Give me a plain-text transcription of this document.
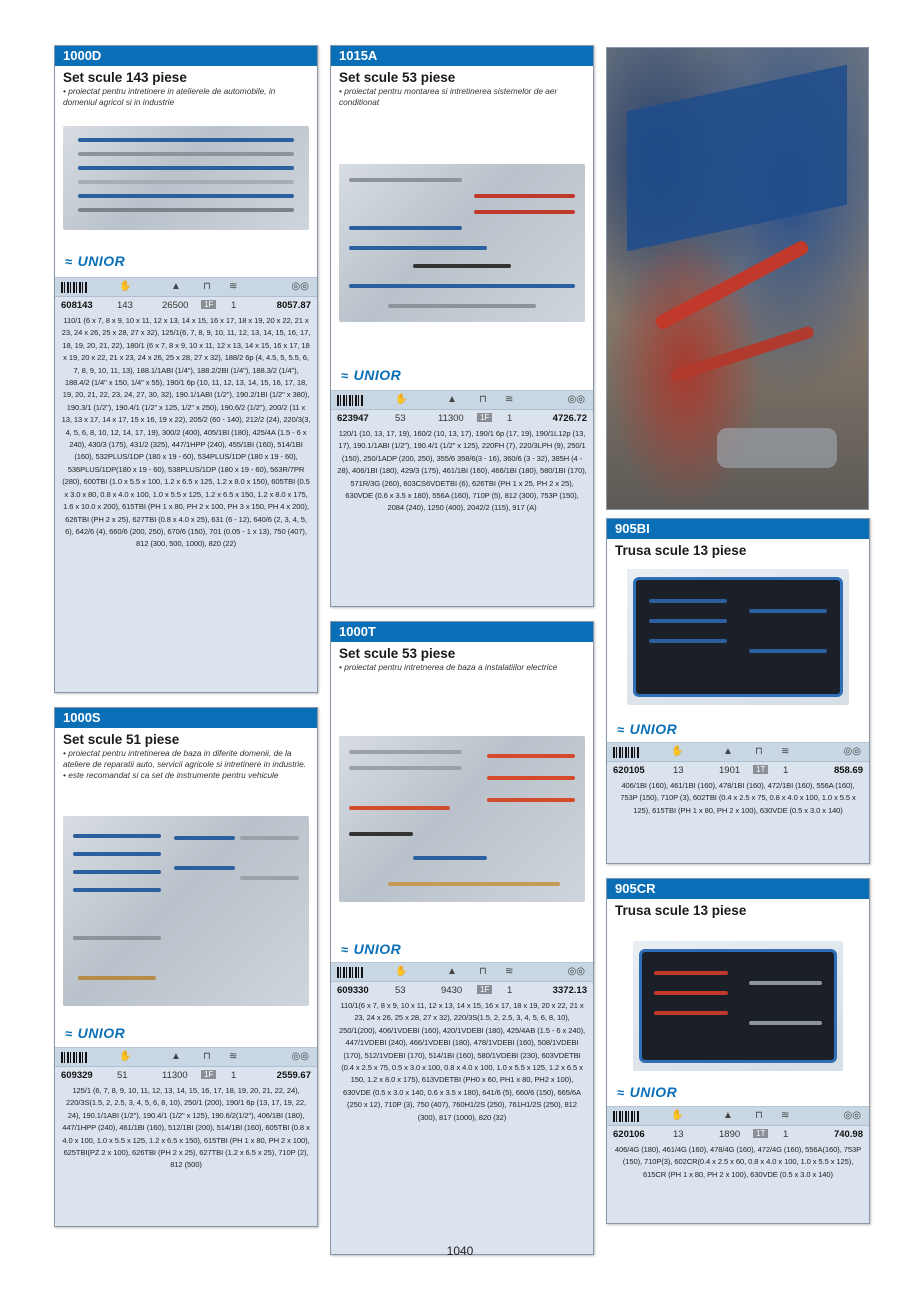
1000D
Set scule 143 piese
• proiectat pentru intretinere in atelierele de automobile, in domeniul agricol si in industrie
≈ UNIOR
✋	▲ ⊓ ≋	◎◎
608143	143	26500	1F	1	8057.87
110/1 (6 x 7, 8 x 9, 10 x 11, 12 x 13, 14 x 15, 16 x 17, 18 x 19, 20 x 22, 21 x 23, 24 x 26, 25 x 28, 27 x 32), 125/1(6, 7, 8, 9, 10, 11, 12, 13, 14, 15, 16, 17, 18, 19, 20, 21, 22), 180/1 (6 x 7, 8 x 9, 10 x 11, 12 x 13, 14 x 15, 16 x 17, 18 x 19, 20 x 22, 21 x 23, 24 x 26, 25 x 28, 27 x 32), 188/2 6p (4, 4.5, 5, 5.5, 6, 7, 8, 9, 10, 11, 13), 188.1/1ABI (1/4"), 188.2/2BI (1/4"), 188.3/2 (1/4"), 188.4/2 (1/4" x 150, 1/4" x 55), 190/1 6p (10, 11, 12, 13, 14, 15, 16, 17, 18, 19, 20, 21, 22, 23, 24, 27, 30, 32), 190.1/1ABI (1/2"), 190.2/1BI (1/2" x 380), 190.3/1 (1/2"), 190.4/1 (1/2" x 125, 1/2" x 250), 190.6/2 (1/2"), 200/2 (11 x 13, 13 x 17, 14 x 17, 15 x 16, 19 x 22), 205/2 (60 - 140), 212/2 (24), 220/3(3, 4, 5, 6, 8, 10, 12, 14, 17, 19), 300/2 (400), 405/1BI (180), 425/4A (1.5 - 6 x 240), 430/3 (175), 431/2 (325), 447/1HPP (240), 455/1BI (160), 514/1BI (160), 532PLUS/1DP (180 x 19 - 60), 534PLUS/1DP (180 x 19 - 60), 536PLUS/1DP(180 x 19 - 60), 538PLUS/1DP (180 x 19 - 60), 563R/7PR (280), 600TBI (1.0 x 5.5 x 100, 1.2 x 6.5 x 125, 1.2 x 8.0 x 150), 605TBI (0.5 x 3.0 x 80, 0.8 x 4.0 x 100, 1.0 x 5.5 x 125, 1.2 x 6.5 x 150, 1.2 x 8.0 x 175, 1.6 x 10.0 x 200), 615TBI (PH 1 x 80, PH 2 x 100, PH 3 x 150, PH 4 x 200), 626TBI (PH 2 x 25), 627TBI (0.8 x 4.0 x 25), 631 (6 - 12), 640/6 (2, 3, 4, 5, 6), 642/6 (4), 660/6 (200, 250), 670/6 (150), 701 (0.05 - 1 x 13), 750 (407), 812 (300, 500, 1000), 820 (22)
1000S
Set scule 51 piese
• proiectat pentru intretinerea de baza in diferite domenii, de la ateliere de reparatii auto, servicii agricole si intretinere in industrie.
• este recomandat si ca set de instrumente pentru vehicule
≈ UNIOR
✋	▲ ⊓ ≋	◎◎
609329	51	11300	1F	1	2559.67
125/1 (6, 7, 8, 9, 10, 11, 12, 13, 14, 15, 16, 17, 18, 19, 20, 21, 22, 24), 220/3S(1.5, 2, 2.5, 3, 4, 5, 6, 8, 10), 250/1 (200), 190/1 6p (13, 17, 19, 22, 24), 190.1/1ABI (1/2"), 190.4/1 (1/2" x 125), 190.6/2(1/2"), 406/1BI (180), 447/1HPP (240), 461/1BI (160), 512/1BI (200), 514/1BI (160), 605TBI (0.8 x 4.0 x 100, 1.0 x 5.5 x 125, 1.2 x 6.5 x 150), 615TBI (PH 1 x 80, PH 2 x 100), 625TBI(PZ 2 x 100), 626TBI (PH 2 x 25), 627TBI (1.2 x 6.5 x 25), 710P (2), 812 (500)
1015A
Set scule 53 piese
• proiectat pentru montarea si intretinerea sistemelor de aer conditionat
≈ UNIOR
✋	▲ ⊓ ≋	◎◎
623947	53	11300	1F	1	4726.72
120/1 (10, 13, 17, 19), 160/2 (10, 13, 17), 190/1 6p (17, 19), 190/1L12p (13, 17), 190.1/1ABI (1/2"), 190.4/1 (1/2" x 125), 220FH (7), 220/3LPH (9), 250/1 (150), 250/1ADP (200, 250), 355/6 358/6(3 - 16), 360/6 (3 - 32), 385H (4 - 28), 406/1BI (180), 429/3 (175), 461/1BI (160), 466/1BI (180), 580/1BI (170), 571R/3G (260), 603CS6VDETBI (6), 626TBI (PH 1 x 25, PH 2 x 25), 630VDE (0.6 x 3.5 x 180), 556A (160), 710P (5), 812 (300), 753P (150), 2084 (240), 1250 (400), 2042/2 (115), 917 (A)
1000T
Set scule 53 piese
• proiectat pentru intretnerea de baza a instalatiilor electrice
≈ UNIOR
✋	▲ ⊓ ≋	◎◎
609330	53	9430	1F	1	3372.13
110/1(6 x 7, 8 x 9, 10 x 11, 12 x 13, 14 x 15, 16 x 17, 18 x 19, 20 x 22, 21 x 23, 24 x 26, 25 x 28, 27 x 32), 220/3S(1.5, 2, 2.5, 3, 4, 5, 6, 8, 10), 250/1(200), 406/1VDEBI (160), 420/1VDEBI (180), 425/4AB (1.5 - 6 x 240), 447/1VDEBI (240), 466/1VDEBI (180), 478/1VDEBI (160), 508/1VDEBI (170), 512/1VDEBI (170), 514/1BI (160), 580/1VDEBI (230), 603VDETBI (0.4 x 2.5 x 75, 0.5 x 3.0 x 100, 0.8 x 4.0 x 100, 1.0 x 5.5 x 125, 1.2 x 6.5 x 150, 1.2 x 8.0 x 175), 613VDETBI (PH0 x 60, PH1 x 80, PH2 x 100), 630VDE (0.5 x 3.0 x 140, 0.6 x 3.5 x 180), 641/6 (5), 660/6 (150), 665/6A (250 x 12), 710P (3), 750 (407), 760H1/2S (250), 761H1/2S (250), 812 (300), 817 (1000), 820 (32)
905BI
Trusa scule 13 piese
≈ UNIOR
✋	▲ ⊓ ≋	◎◎
620105	13	1901	1T	1	858.69
406/1BI (160), 461/1BI (160), 478/1BI (160), 472/1BI (160), 556A (160), 753P (150), 710P (3), 602TBI (0.4 x 2.5 x 75, 0.8 x 4.0 x 100, 1.0 x 5.5 x 125), 615TBI (PH 1 x 80, PH 2 x 100), 630VDE (0.5 x 3.0 x 140)
905CR
Trusa scule 13 piese
≈ UNIOR
✋	▲ ⊓ ≋	◎◎
620106	13	1890	1T	1	740.98
406/4G (180), 461/4G (160), 478/4G (160), 472/4G (160), 556A(160), 753P (150), 710P(3), 602CR(0.4 x 2.5 x 60, 0.8 x 4.0 x 100, 1.0 x 5.5 x 125), 615CR (PH 1 x 80, PH 2 x 100), 630VDE (0.5 x 3.0 x 140)
1040
